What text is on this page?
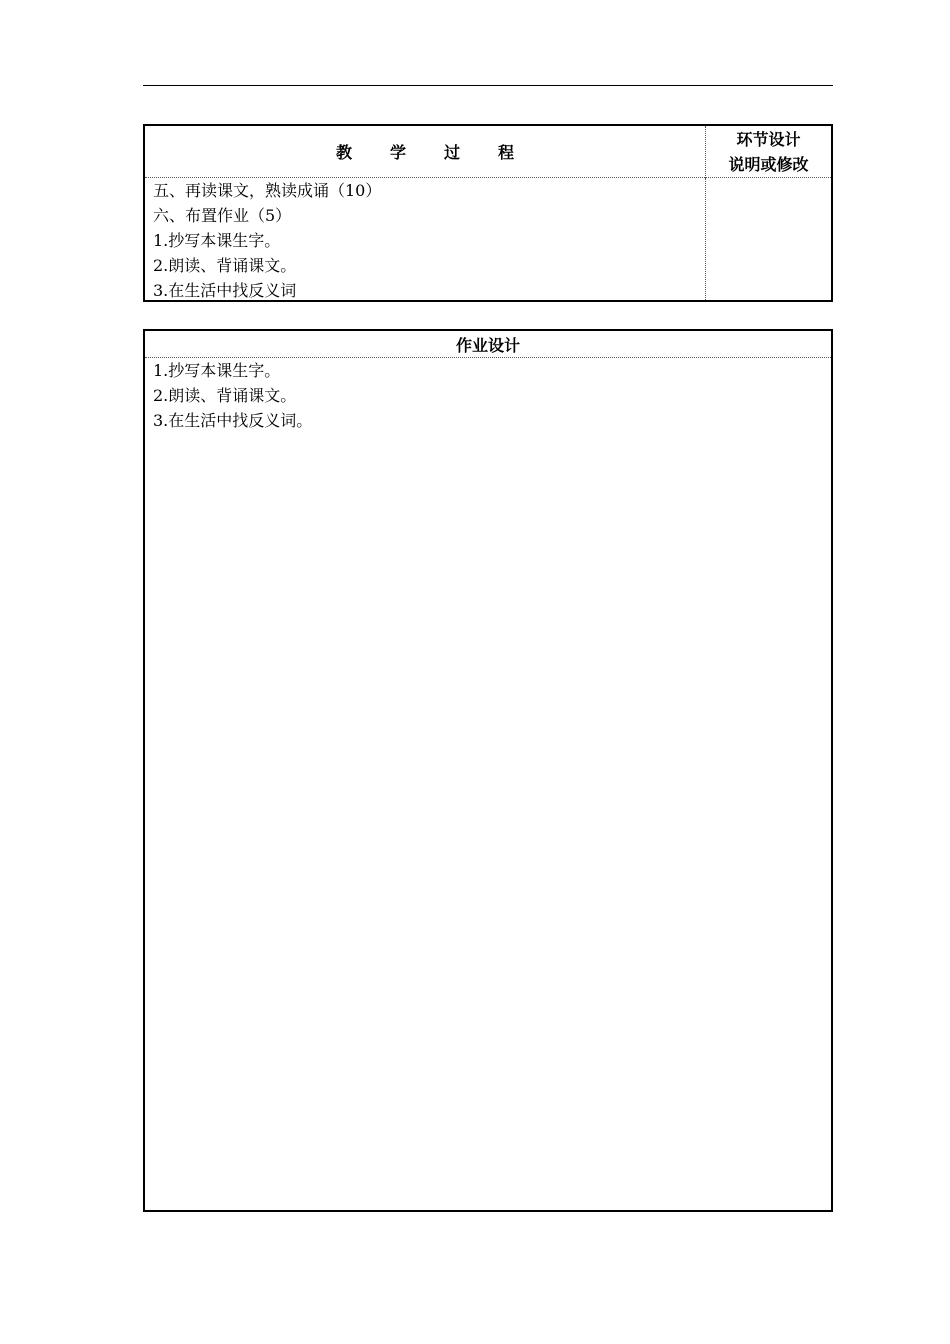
教学过程
环节设计
说明或修改
五、再读课文，熟读成诵（10）
六、布置作业（5）
1.抄写本课生字。
2.朗读、背诵课文。
3.在生活中找反义词
作业设计
1.抄写本课生字。
2.朗读、背诵课文。
3.在生活中找反义词。
